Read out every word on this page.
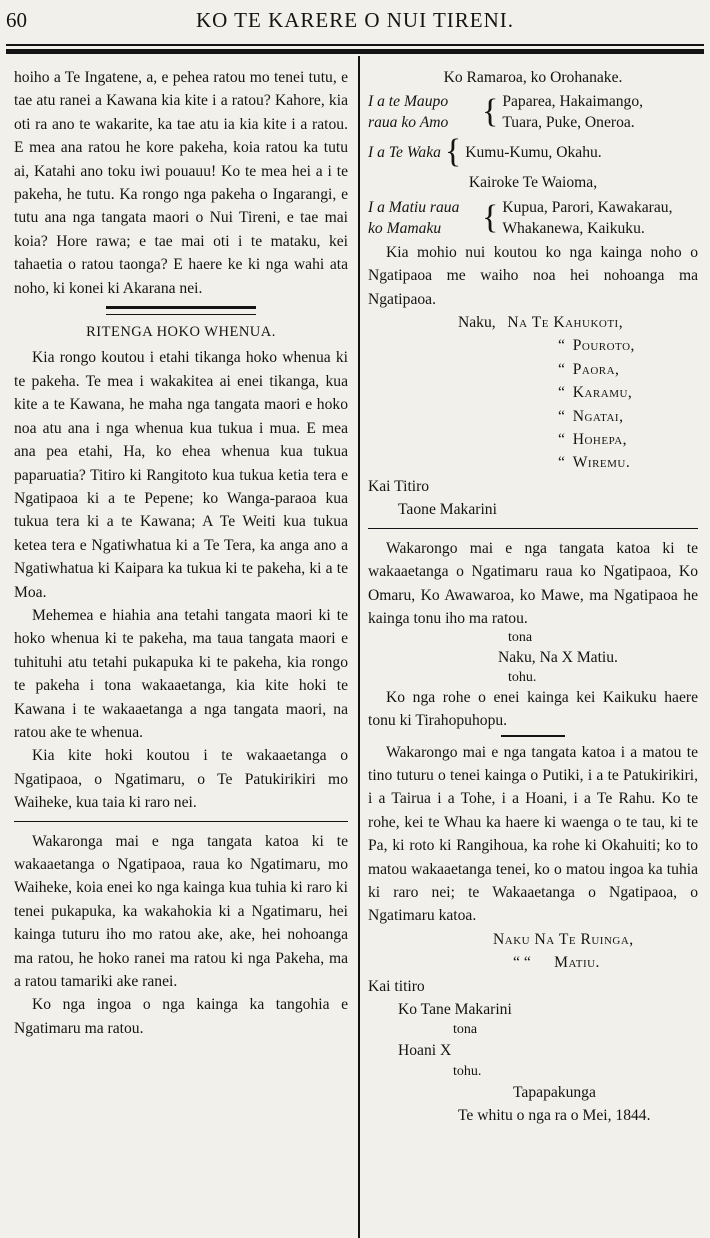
60	KO TE KARERE O NUI TIRENI.

hoiho a Te Ingatene, a, e pehea ratou mo tenei tutu, e tae atu ranei a Kawana kia kite i a ratou? Kahore, kia oti ra ano te wakarite, ka tae atu ia kia kite i a ratou. E mea ana ratou he kore pakeha, koia ratou ka tutu ai, Katahi ano toku iwi pouauu! Ko te mea hei a i te pakeha, he tutu. Ka rongo nga pakeha o Ingarangi, e tutu ana nga tangata maori o Nui Tireni, e tae mai koia? Hore rawa; e tae mai oti i te mataku, kei tahaetia o ratou taonga? E haere ke ki nga wahi ata noho, ki konei ki Akarana nei.

RITENGA HOKO WHENUA.

Kia rongo koutou i etahi tikanga hoko whenua ki te pakeha. Te mea i wakakitea ai enei tikanga, kua kite a te Kawana, he maha nga tangata maori e hoko noa atu ana i nga whenua kua tukua i mua. E mea ana pea etahi, Ha, ko ehea whenua kua tukua paparuatia? Titiro ki Rangitoto kua tukua ketia tera e Ngatipaoa ki a te Pepene; ko Wanga-paraoa kua tukua tera ki a te Kawana; A Te Weiti kua tukua ketea tera e Ngatiwhatua ki a Te Tera, ka anga ano a Ngatiwhatua ki Kaipara ka tukua ki te pakeha, ki a te Moa.

Mehemea e hiahia ana tetahi tangata maori ki te hoko whenua ki te pakeha, ma taua tangata maori e tuhituhi atu tetahi pukapuka ki te pakeha, kia rongo te pakeha i tona wakaaetanga, kia kite hoki te Kawana i te wakaaetanga a nga tangata maori, na ratou ake te whenua.

Kia kite hoki koutou i te wakaaetanga o Ngatipaoa, o Ngatimaru, o Te Patukirikiri mo Waiheke, kua taia ki raro nei.

Wakaronga mai e nga tangata katoa ki te wakaaetanga o Ngatipaoa, raua ko Ngatimaru, mo Waiheke, koia enei ko nga kainga kua tuhia ki raro ki tenei pukapuka, ka wakahokia ki a Ngatimaru, hei kainga tuturu iho mo ratou ake, ake, hei nohoanga ma ratou, he hoko ranei ma ratou ki nga Pakeha, ma a ratou tamariki ake ranei.

Ko nga ingoa o nga kainga ka tangohia e Ngatimaru ma ratou.

Ko Ramaroa, ko Orohanake.
I a te Maupo
raua ko Amo { Paparea, Hakaimango,
Tuara, Puke, Oneroa.
I a Te Waka { Kumu-Kumu, Okahu.
Kairoke Te Waioma,
I a Matiu raua
ko Mamaku	{ Kupua, Parori, Kawakarau,
Whakanewa, Kaikuku.

Kia mohio nui koutou ko nga kainga noho o Ngatipaoa me waiho noa hei nohoanga ma Ngatipaoa.

Naku, Na Te Kahukoti,
“ Pouroto,
“ Paora,
“ Karamu,
“ Ngatai,
“ Hohepa,
“ Wiremu.
Kai Titiro
Taone Makarini

Wakarongo mai e nga tangata katoa ki te wakaaetanga o Ngatimaru raua ko Ngatipaoa, Ko Omaru, Ko Awawaroa, ko Mawe, ma Ngatipaoa he kainga tonu iho ma ratou.

tona
Naku, Na X Matiu.
tohu.

Ko nga rohe o enei kainga kei Kaikuku haere tonu ki Tirahopuhopu.

Wakarongo mai e nga tangata katoa i a matou te tino tuturu o tenei kainga o Putiki, i a te Patukirikiri, i a Tairua i a Tohe, i a Hoani, i a Te Rahu. Ko te rohe, kei te Whau ka haere ki waenga o te tau, ki te Pa, ki roto ki Rangihoua, ka rohe ki Okahuiti; ko to matou wakaaetanga tenei, ko o matou ingoa ka tuhia ki raro nei; te Wakaaetanga o Ngatipaoa, o Ngatimaru katoa.

Naku Na Te Ruinga,
“ “ Matiu.
Kai titiro
Ko Tane Makarini
tona
Hoani X
tohu.
Tapapakunga
Te whitu o nga ra o Mei, 1844.
